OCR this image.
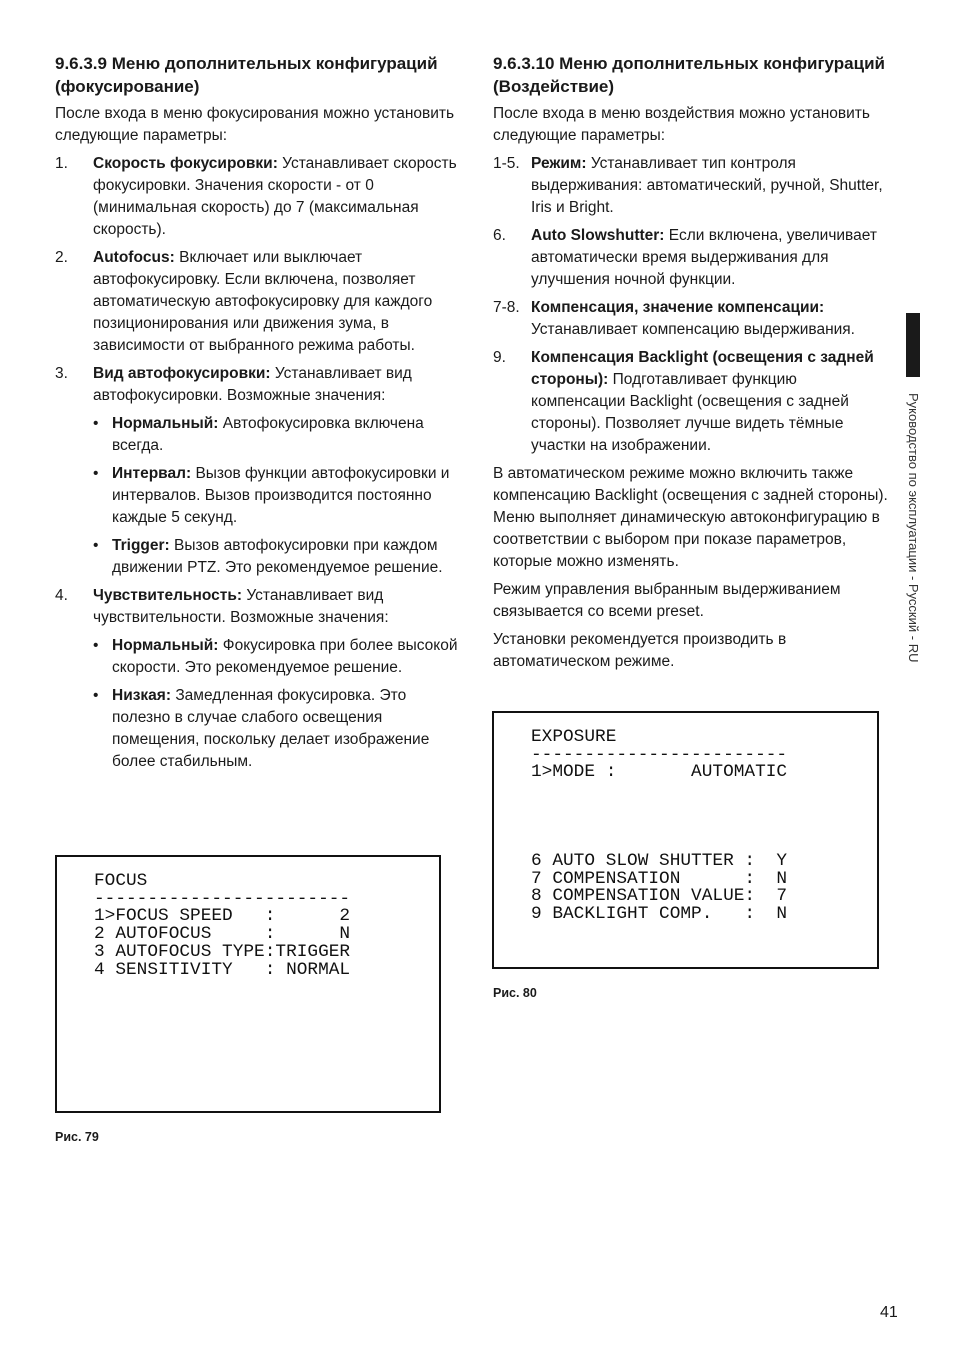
9.6.3.9 Меню дополнительных конфигураций (фокусирование)

После входа в меню фокусирования можно установить следующие параметры:

1.	Скорость фокусировки: Устанавливает скорость фокусировки. Значения скорости - от 0 (минимальная скорость) до 7 (максимальная скорость).
2.	Autofocus: Включает или выключает автофокусировку. Если включена, позволяет автоматическую автофокусировку для каждого позиционирования или движения зума, в зависимости от выбранного режима работы.
3.	Вид автофокусировки: Устанавливает вид автофокусировки. Возможные значения:
• Нормальный: Автофокусировка включена всегда.
• Интервал: Вызов функции автофокусировки и интервалов. Вызов производится постоянно каждые 5 секунд.
• Trigger: Вызов автофокусировки при каждом движении PTZ. Это рекомендуемое решение.
4.	Чувствительность: Устанавливает вид чувствительности. Возможные значения:
• Нормальный: Фокусировка при более высокой скорости. Это рекомендуемое решение.
• Низкая: Замедленная фокусировка. Это полезно в случае слабого освещения помещения, поскольку делает изображение более стабильным.
FOCUS
------------------------
1>FOCUS SPEED   :      2
2 AUTOFOCUS     :      N
3 AUTOFOCUS TYPE:TRIGGER
4 SENSITIVITY   : NORMAL
Рис. 79
9.6.3.10 Меню дополнительных конфигураций (Воздействие)

После входа в меню воздействия можно установить следующие параметры:

1-5. Режим: Устанавливает тип контроля выдерживания: автоматический, ручной, Shutter, Iris и Bright.
6.	Auto Slowshutter: Если включена, увеличивает автоматически время выдерживания для улучшения ночной функции.
7-8. Компенсация, значение компенсации: Устанавливает компенсацию выдерживания.
9.	Компенсация Backlight (освещения с задней стороны): Подготавливает функцию компенсации Backlight (освещения с задней стороны). Позволяет лучше видеть тёмные участки на изображении.

В автоматическом режиме можно включить также компенсацию Backlight (освещения с задней стороны). Меню выполняет динамическую автоконфигурацию в соответствии с выбором при показе параметров, которые можно изменять.

Режим управления выбранным выдерживанием связывается со всеми preset.

Установки рекомендуется производить в автоматическом режиме.

EXPOSURE
------------------------
1>MODE :       AUTOMATIC

6 AUTO SLOW SHUTTER :  Y
7 COMPENSATION      :  N
8 COMPENSATION VALUE:  7
9 BACKLIGHT COMP.   :  N
Рис. 80
Руководство по эксплуатации - Русский - RU
41
